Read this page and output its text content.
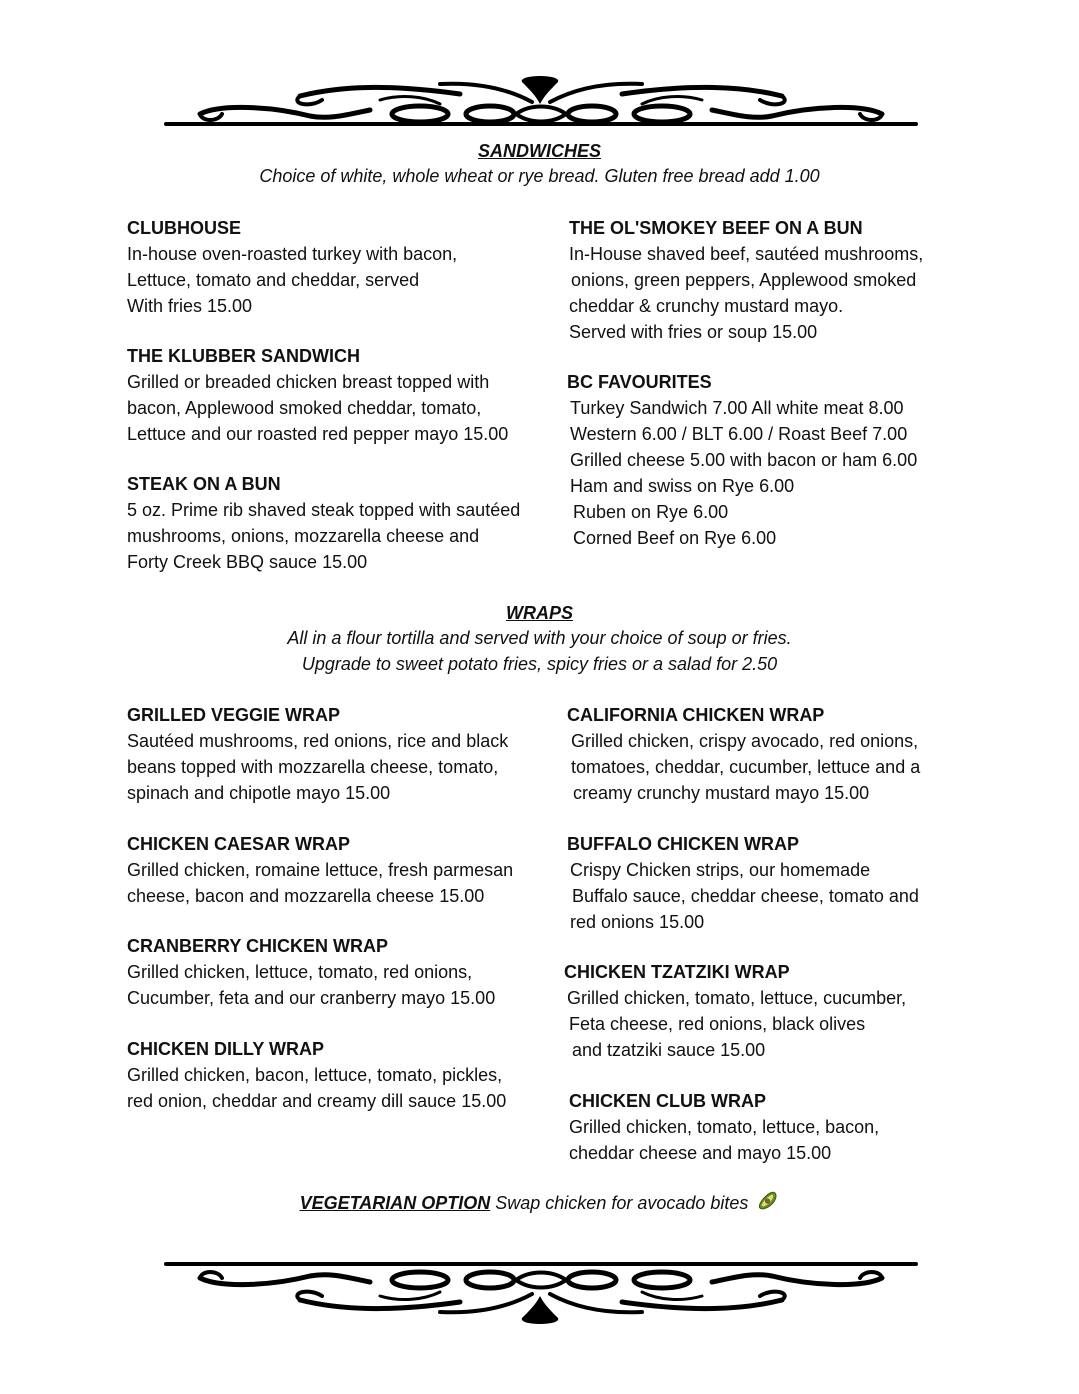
SANDWICHES

Choice of white, whole wheat or rye bread. Gluten free bread add 1.00

CLUBHOUSE
In-house oven-roasted turkey with bacon,
Lettuce, tomato and cheddar, served
With fries 15.00
THE KLUBBER SANDWICH
Grilled or breaded chicken breast topped with
bacon, Applewood smoked cheddar, tomato,
Lettuce and our roasted red pepper mayo 15.00
STEAK ON A BUN
5 oz. Prime rib shaved steak topped with sautéed
mushrooms, onions, mozzarella cheese and
Forty Creek BBQ sauce 15.00
THE OL'SMOKEY BEEF ON A BUN
In-House shaved beef, sautéed mushrooms,
onions, green peppers, Applewood smoked
cheddar & crunchy mustard mayo.
Served with fries or soup 15.00
BC FAVOURITES
Turkey Sandwich 7.00 All white meat 8.00
Western 6.00 / BLT 6.00 / Roast Beef 7.00
Grilled cheese 5.00 with bacon or ham 6.00
Ham and swiss on Rye 6.00
Ruben on Rye 6.00
Corned Beef on Rye 6.00

WRAPS

All in a flour tortilla and served with your choice of soup or fries.

Upgrade to sweet potato fries, spicy fries or a salad for 2.50

GRILLED VEGGIE WRAP
Sautéed mushrooms, red onions, rice and black
beans topped with mozzarella cheese, tomato,
spinach and chipotle mayo 15.00
CHICKEN CAESAR WRAP
Grilled chicken, romaine lettuce, fresh parmesan
cheese, bacon and mozzarella cheese 15.00
CRANBERRY CHICKEN WRAP
Grilled chicken, lettuce, tomato, red onions,
Cucumber, feta and our cranberry mayo 15.00
CHICKEN DILLY WRAP
Grilled chicken, bacon, lettuce, tomato, pickles,
red onion, cheddar and creamy dill sauce 15.00
CALIFORNIA CHICKEN WRAP
Grilled chicken, crispy avocado, red onions,
tomatoes, cheddar, cucumber, lettuce and a
creamy crunchy mustard mayo 15.00
BUFFALO CHICKEN WRAP
Crispy Chicken strips, our homemade
Buffalo sauce, cheddar cheese, tomato and
red onions 15.00
CHICKEN TZATZIKI WRAP
Grilled chicken, tomato, lettuce, cucumber,
Feta cheese, red onions, black olives
and tzatziki sauce 15.00
CHICKEN CLUB WRAP
Grilled chicken, tomato, lettuce, bacon,
cheddar cheese and mayo 15.00

VEGETARIAN OPTION Swap chicken for avocado bites
